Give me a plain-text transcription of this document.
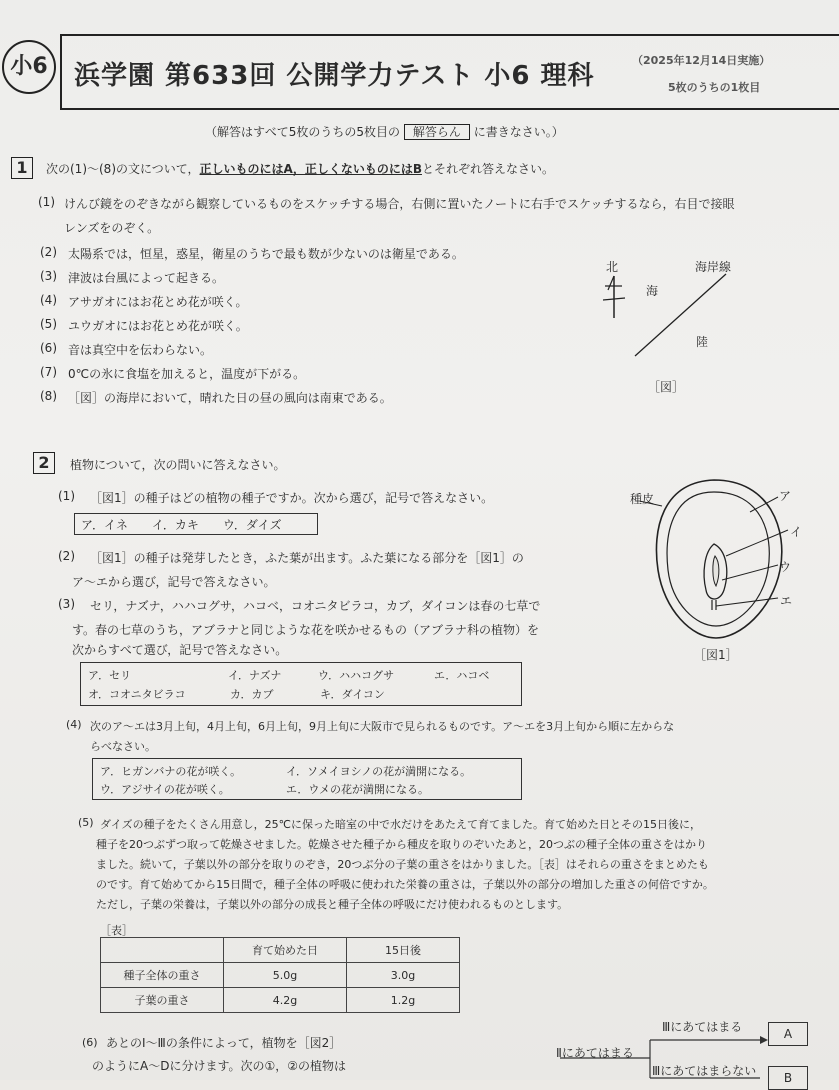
小6	浜学園 第633回 公開学力テスト 小6 理科
（2025年12月14日実施）
5枚のうちの1枚目
（解答はすべて5枚のうちの5枚目の 解答らん に書きなさい。）
1	次の(1)〜(8)の文について，正しいものにはA，正しくないものにはBとそれぞれ答えなさい。
(1) けんび鏡をのぞきながら観察しているものをスケッチする場合，右側に置いたノートに右手でスケッチするなら，右目で接眼
レンズをのぞく。
(2) 太陽系では，恒星，惑星，衛星のうちで最も数が少ないのは衛星である。
(3) 津波は台風によって起きる。
(4) アサガオにはお花とめ花が咲く。
(5) ユウガオにはお花とめ花が咲く。
(6) 音は真空中を伝わらない。
(7) 0℃の氷に食塩を加えると，温度が下がる。
(8) ［図］の海岸において，晴れた日の昼の風向は南東である。
北
海
海岸線
陸
［図］
2	植物について，次の問いに答えなさい。
(1) ［図1］の種子はどの植物の種子ですか。次から選び，記号で答えなさい。
ア．イネ　　イ．カキ　　ウ．ダイズ
(2) ［図1］の種子は発芽したとき，ふた葉が出ます。ふた葉になる部分を［図1］の
ア〜エから選び，記号で答えなさい。
(3) セリ，ナズナ，ハハコグサ，ハコベ，コオニタビラコ，カブ，ダイコンは春の七草で
す。春の七草のうち，アブラナと同じような花を咲かせるもの（アブラナ科の植物）を
次からすべて選び，記号で答えなさい。
ア．セリ	イ．ナズナ	ウ．ハハコグサ	エ．ハコベ
オ．コオニタビラコ	カ．カブ	キ．ダイコン
種皮	ア
イ
ウ
エ
［図1］
(4) 次のア〜エは3月上旬，4月上旬，6月上旬，9月上旬に大阪市で見られるものです。ア〜エを3月上旬から順に左からな
らべなさい。
ア．ヒガンバナの花が咲く。	イ．ソメイヨシノの花が満開になる。
ウ．アジサイの花が咲く。	エ．ウメの花が満開になる。
(5) ダイズの種子をたくさん用意し，25℃に保った暗室の中で水だけをあたえて育てました。育て始めた日とその15日後に，
種子を20つぶずつ取って乾燥させました。乾燥させた種子から種皮を取りのぞいたあと，20つぶの種子全体の重さをはかり
ました。続いて，子葉以外の部分を取りのぞき，20つぶ分の子葉の重さをはかりました。［表］はそれらの重さをまとめたも
のです。育て始めてから15日間で，種子全体の呼吸に使われた栄養の重さは，子葉以外の部分の増加した重さの何倍ですか。
ただし，子葉の栄養は，子葉以外の部分の成長と種子全体の呼吸にだけ使われるものとします。
［表］
	育て始めた日	15日後
種子全体の重さ	5.0g	3.0g
子葉の重さ	4.2g	1.2g
(6) あとのⅠ〜Ⅲの条件によって，植物を［図2］
のようにA〜Dに分けます。次の①，②の植物は
Ⅲにあてはまる
Ⅱにあてはまる
Ⅲにあてはまらない
A
B
